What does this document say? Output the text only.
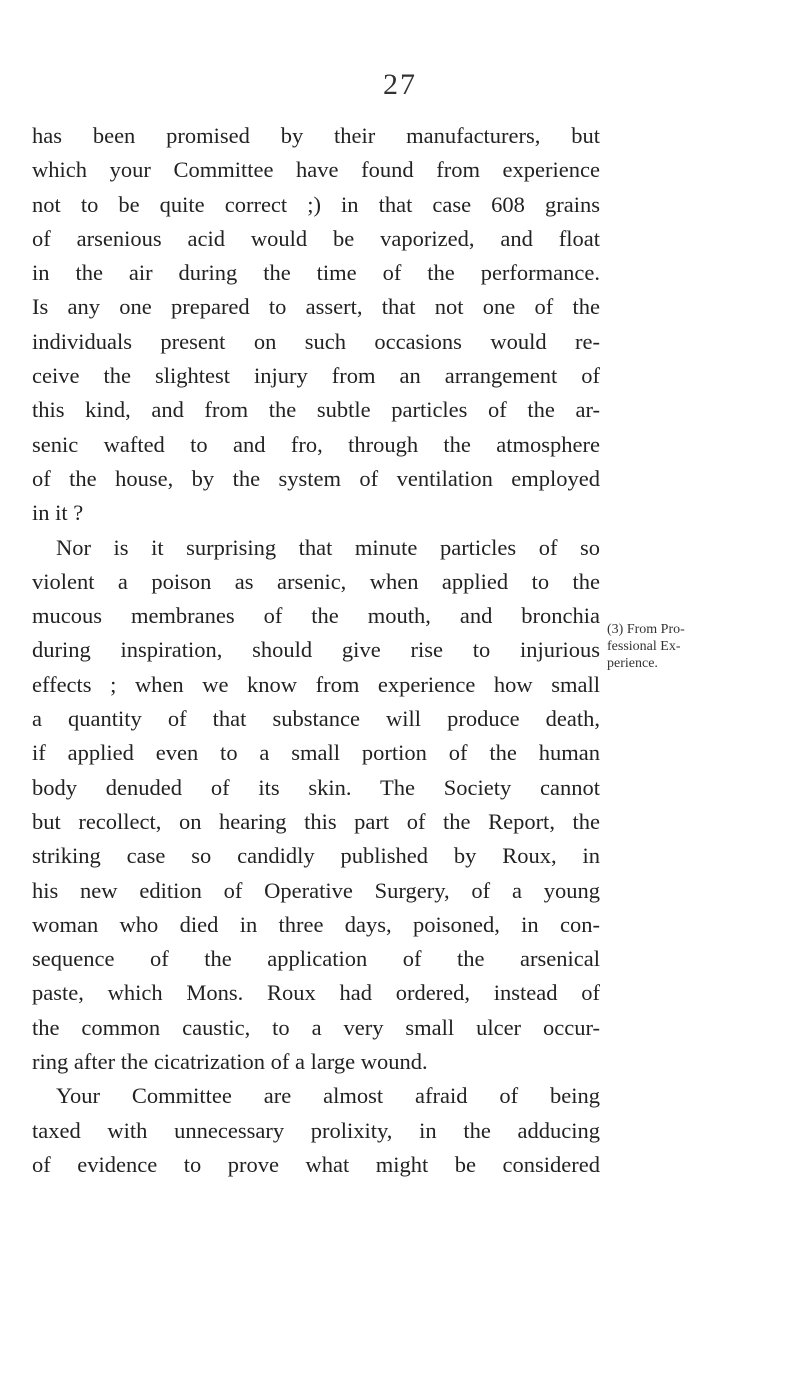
27
has been promised by their manufacturers, but
which your Committee have found from experience
not to be quite correct ;) in that case 608 grains
of arsenious acid would be vaporized, and float
in the air during the time of the performance.
Is any one prepared to assert, that not one of the
individuals present on such occasions would re-
ceive the slightest injury from an arrangement of
this kind, and from the subtle particles of the ar-
senic wafted to and fro, through the atmosphere
of the house, by the system of ventilation employed
in it ?
Nor is it surprising that minute particles of so
violent a poison as arsenic, when applied to the
mucous membranes of the mouth, and bronchia
during inspiration, should give rise to injurious
effects ; when we know from experience how small
a quantity of that substance will produce death,
if applied even to a small portion of the human
body denuded of its skin. The Society cannot
but recollect, on hearing this part of the Report, the
striking case so candidly published by Roux, in
his new edition of Operative Surgery, of a young
woman who died in three days, poisoned, in con-
sequence of the application of the arsenical
paste, which Mons. Roux had ordered, instead of
the common caustic, to a very small ulcer occur-
ring after the cicatrization of a large wound.
Your Committee are almost afraid of being
taxed with unnecessary prolixity, in the adducing
of evidence to prove what might be considered
(3) From Pro-
fessional Ex-
perience.
